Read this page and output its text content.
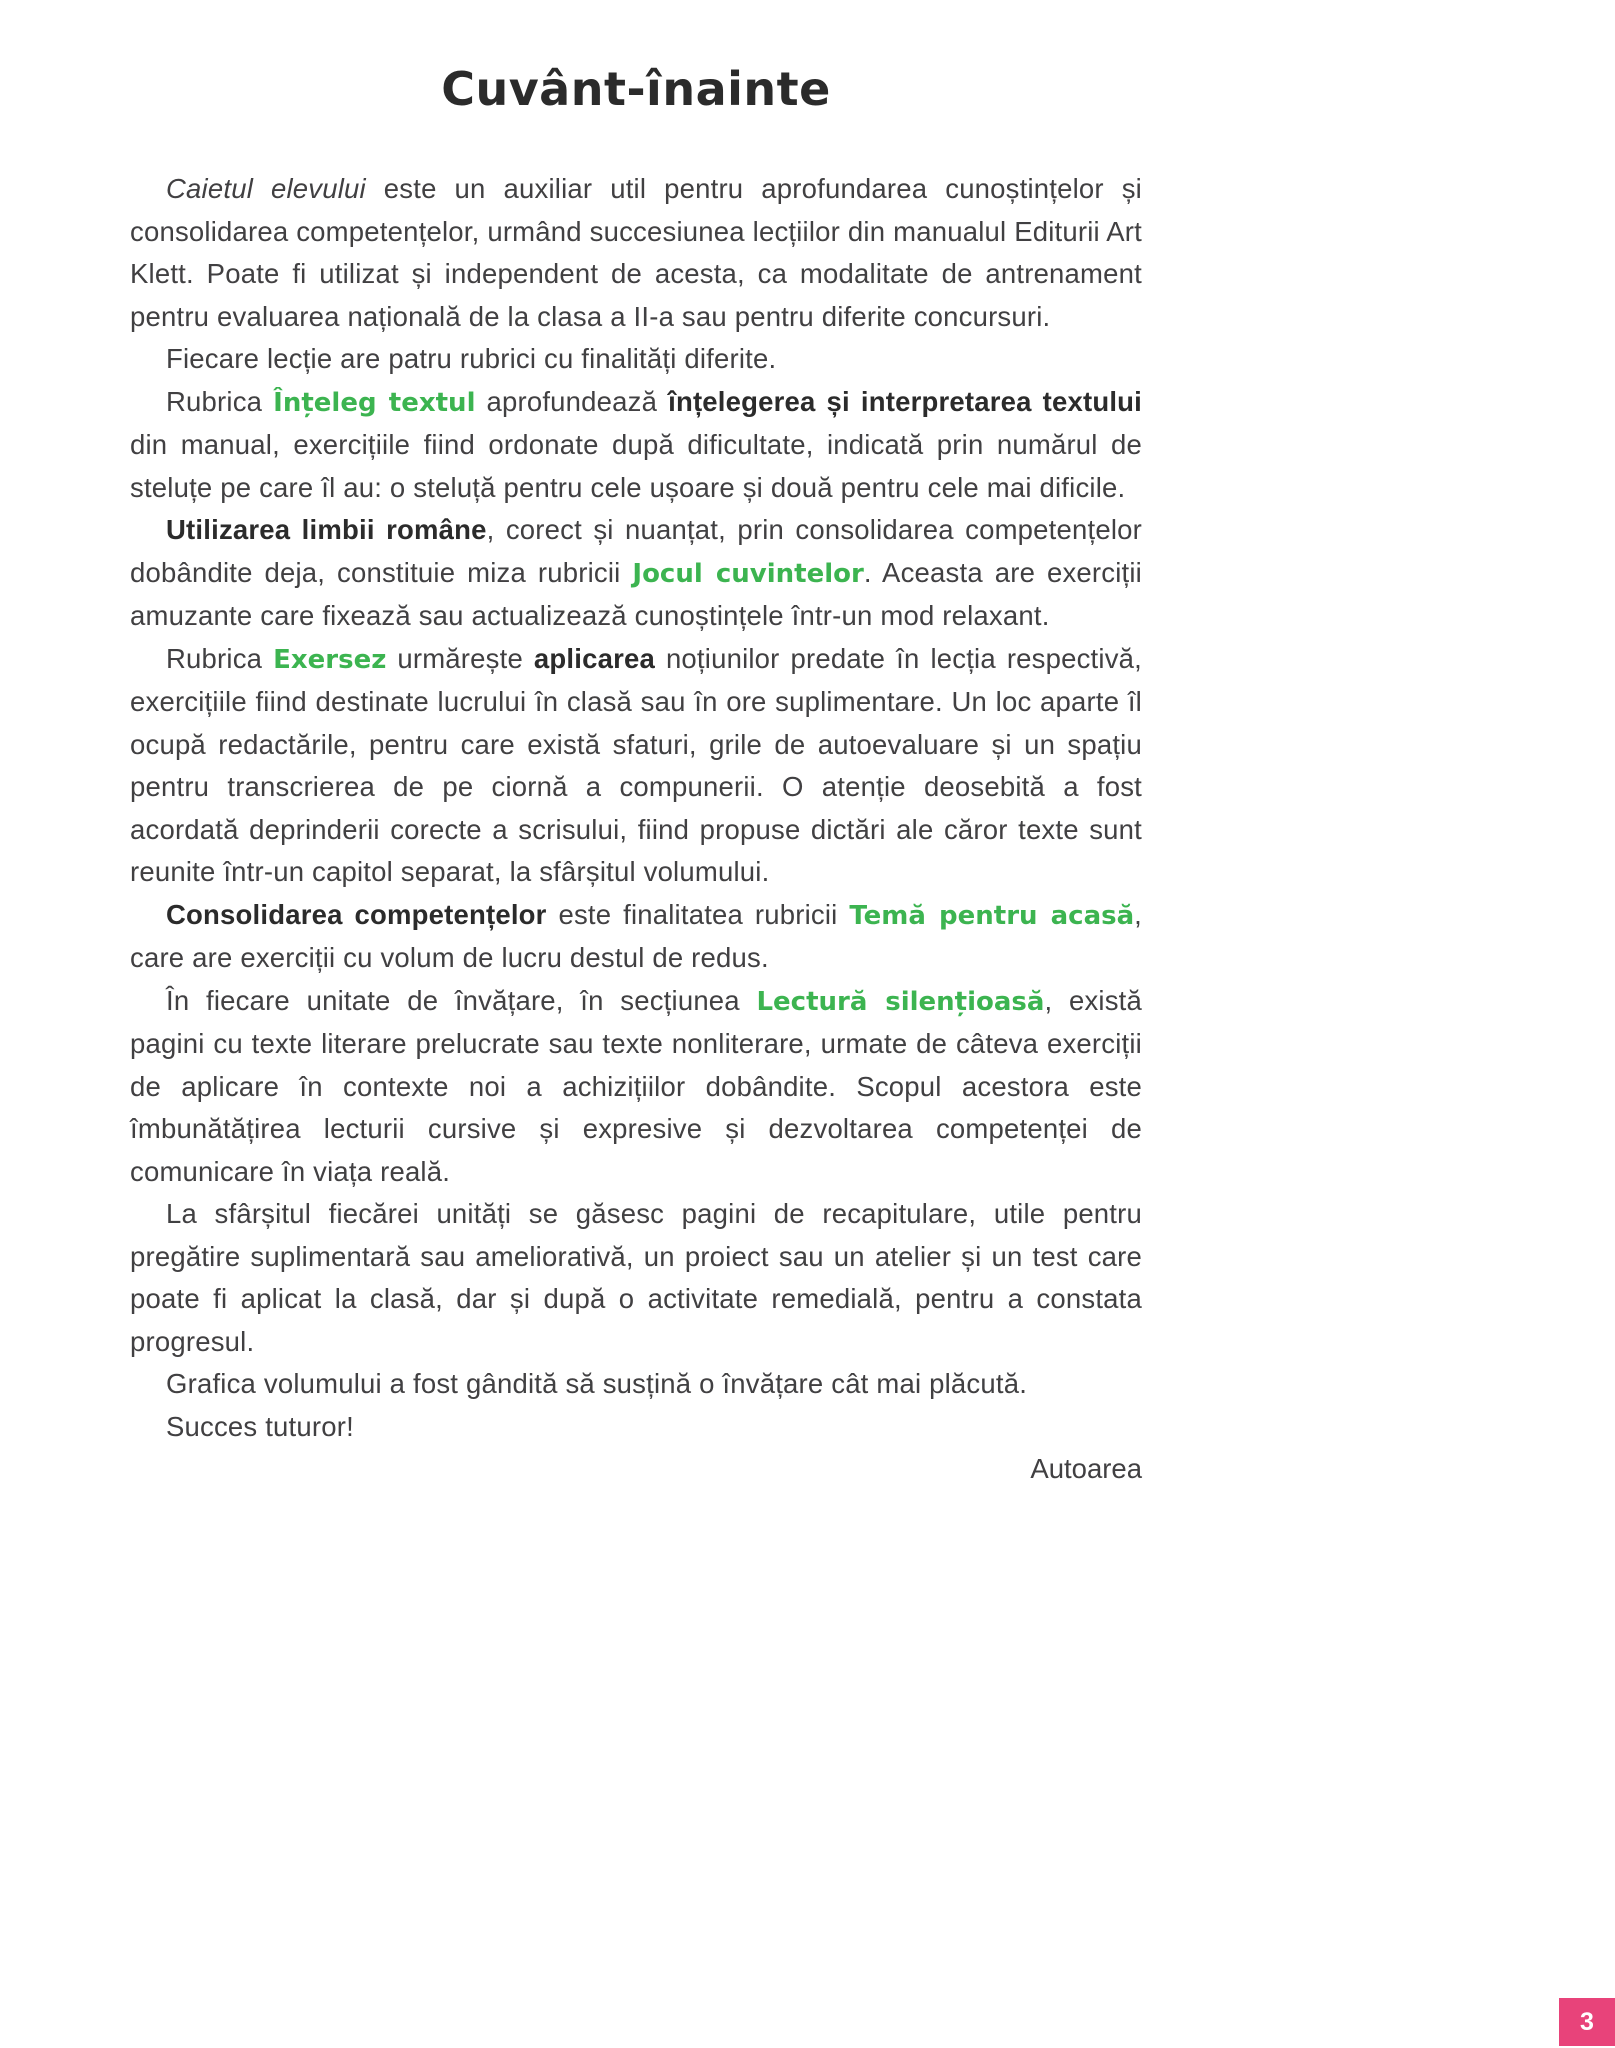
Cuvânt-înainte

Caietul elevului este un auxiliar util pentru aprofundarea cunoștințelor și consolidarea competențelor, urmând succesiunea lecțiilor din manualul Editurii Art Klett. Poate fi utilizat și independent de acesta, ca modalitate de antrenament pentru evaluarea națională de la clasa a II-a sau pentru diferite concursuri.

Fiecare lecție are patru rubrici cu finalități diferite.

Rubrica Înțeleg textul aprofundează înțelegerea și interpretarea textului din manual, exercițiile fiind ordonate după dificultate, indicată prin numărul de steluțe pe care îl au: o steluță pentru cele ușoare și două pentru cele mai dificile.

Utilizarea limbii române, corect și nuanțat, prin consolidarea competențelor dobândite deja, constituie miza rubricii Jocul cuvintelor. Aceasta are exerciții amuzante care fixează sau actualizează cunoștințele într-un mod relaxant.

Rubrica Exersez urmărește aplicarea noțiunilor predate în lecția respectivă, exercițiile fiind destinate lucrului în clasă sau în ore suplimentare. Un loc aparte îl ocupă redactările, pentru care există sfaturi, grile de autoevaluare și un spațiu pentru transcrierea de pe ciornă a compunerii. O atenție deosebită a fost acordată deprinderii corecte a scrisului, fiind propuse dictări ale căror texte sunt reunite într-un capitol separat, la sfârșitul volumului.

Consolidarea competențelor este finalitatea rubricii Temă pentru acasă, care are exerciții cu volum de lucru destul de redus.

În fiecare unitate de învățare, în secțiunea Lectură silențioasă, există pagini cu texte literare prelucrate sau texte nonliterare, urmate de câteva exerciții de aplicare în contexte noi a achizițiilor dobândite. Scopul acestora este îmbunătățirea lecturii cursive și expresive și dezvoltarea competenței de comunicare în viața reală.

La sfârșitul fiecărei unități se găsesc pagini de recapitulare, utile pentru pregătire suplimentară sau ameliorativă, un proiect sau un atelier și un test care poate fi aplicat la clasă, dar și după o activitate remedială, pentru a constata progresul.

Grafica volumului a fost gândită să susțină o învățare cât mai plăcută.

Succes tuturor!

Autoarea

3
